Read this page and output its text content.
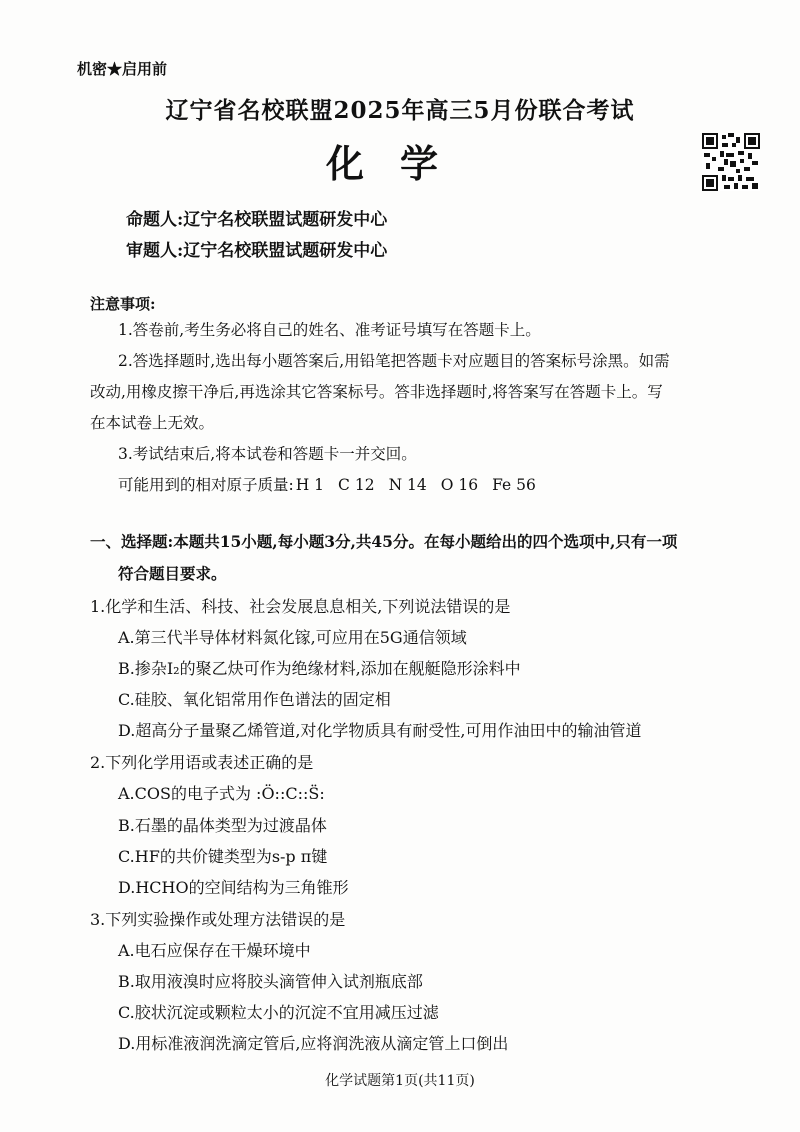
机密★启用前
辽宁省名校联盟2025年高三5月份联合考试
化学
命题人:辽宁名校联盟试题研发中心
审题人:辽宁名校联盟试题研发中心
注意事项:
1.答卷前,考生务必将自己的姓名、准考证号填写在答题卡上。
2.答选择题时,选出每小题答案后,用铅笔把答题卡对应题目的答案标号涂黑。如需
改动,用橡皮擦干净后,再选涂其它答案标号。答非选择题时,将答案写在答题卡上。写
在本试卷上无效。
3.考试结束后,将本试卷和答题卡一并交回。
可能用到的相对原子质量: H 1 C 12 N 14 O 16 Fe 56
一、选择题:本题共15小题,每小题3分,共45分。在每小题给出的四个选项中,只有一项
符合题目要求。
1.化学和生活、科技、社会发展息息相关,下列说法错误的是
A.第三代半导体材料氮化镓,可应用在5G通信领域
B.掺杂I₂的聚乙炔可作为绝缘材料,添加在舰艇隐形涂料中
C.硅胶、氧化铝常用作色谱法的固定相
D.超高分子量聚乙烯管道,对化学物质具有耐受性,可用作油田中的输油管道
2.下列化学用语或表述正确的是
A.COS的电子式为 :Ö::C::S̈:
B.石墨的晶体类型为过渡晶体
C.HF的共价键类型为s-p π键
D.HCHO的空间结构为三角锥形
3.下列实验操作或处理方法错误的是
A.电石应保存在干燥环境中
B.取用液溴时应将胶头滴管伸入试剂瓶底部
C.胶状沉淀或颗粒太小的沉淀不宜用减压过滤
D.用标准液润洗滴定管后,应将润洗液从滴定管上口倒出
化学试题第1页(共11页)
